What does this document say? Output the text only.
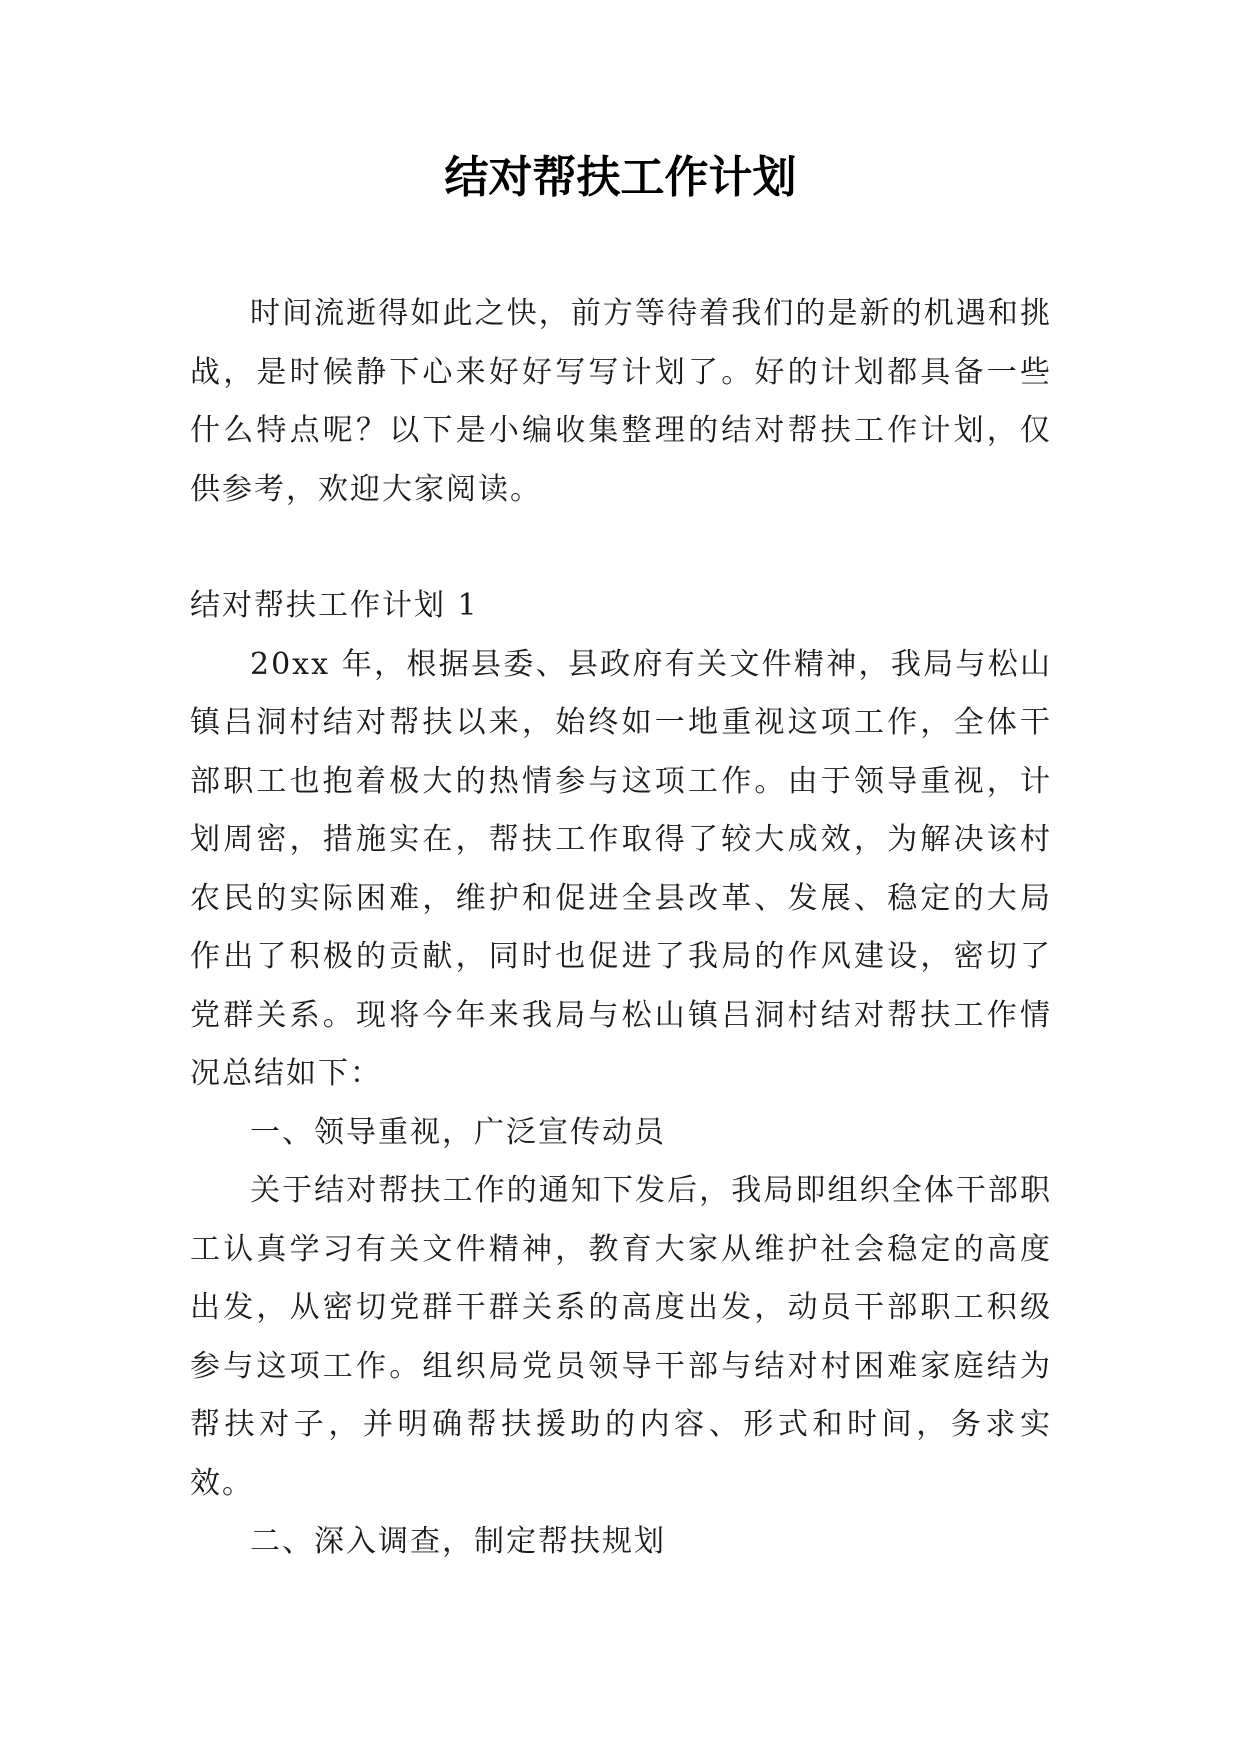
结对帮扶工作计划

时间流逝得如此之快，前方等待着我们的是新的机遇和挑战，是时候静下心来好好写写计划了。好的计划都具备一些什么特点呢？以下是小编收集整理的结对帮扶工作计划，仅供参考，欢迎大家阅读。

结对帮扶工作计划 1

20xx 年，根据县委、县政府有关文件精神，我局与松山镇吕洞村结对帮扶以来，始终如一地重视这项工作，全体干部职工也抱着极大的热情参与这项工作。由于领导重视，计划周密，措施实在，帮扶工作取得了较大成效，为解决该村农民的实际困难，维护和促进全县改革、发展、稳定的大局作出了积极的贡献，同时也促进了我局的作风建设，密切了党群关系。现将今年来我局与松山镇吕洞村结对帮扶工作情况总结如下：

一、领导重视，广泛宣传动员

关于结对帮扶工作的通知下发后，我局即组织全体干部职工认真学习有关文件精神，教育大家从维护社会稳定的高度出发，从密切党群干群关系的高度出发，动员干部职工积级参与这项工作。组织局党员领导干部与结对村困难家庭结为帮扶对子，并明确帮扶援助的内容、形式和时间，务求实效。

二、深入调查，制定帮扶规划
